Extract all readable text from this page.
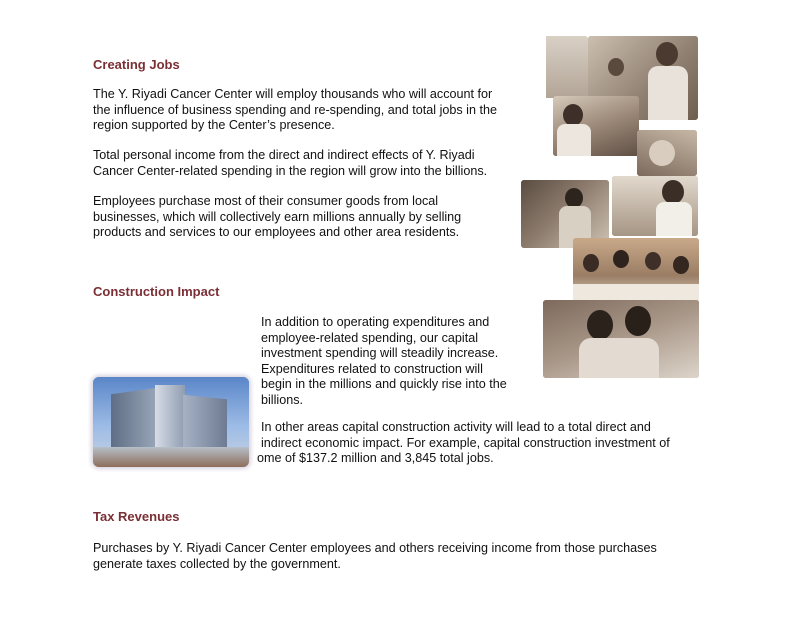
Creating Jobs
The Y. Riyadi Cancer Center will employ thousands who will account for
the influence of business spending and re-spending, and total jobs in the
region supported by the Center’s presence.
Total personal income from the direct and indirect effects of Y. Riyadi
Cancer Center-related spending in the region will grow into the billions.
Employees purchase most of their consumer goods from local
businesses, which will collectively earn millions annually by selling
products and services to our employees and other area residents.
Construction Impact
In addition to operating expenditures and
employee-related spending, our capital
investment spending will steadily increase.
Expenditures related to construction will
begin in the millions and quickly rise into the
billions.
In other areas capital construction activity will lead to a total direct and
indirect economic impact. For example, capital construction investment of
ome of $137.2 million and 3,845 total jobs.
Tax Revenues
Purchases by Y. Riyadi Cancer Center employees and others receiving income from those purchases
generate taxes collected by the government.
